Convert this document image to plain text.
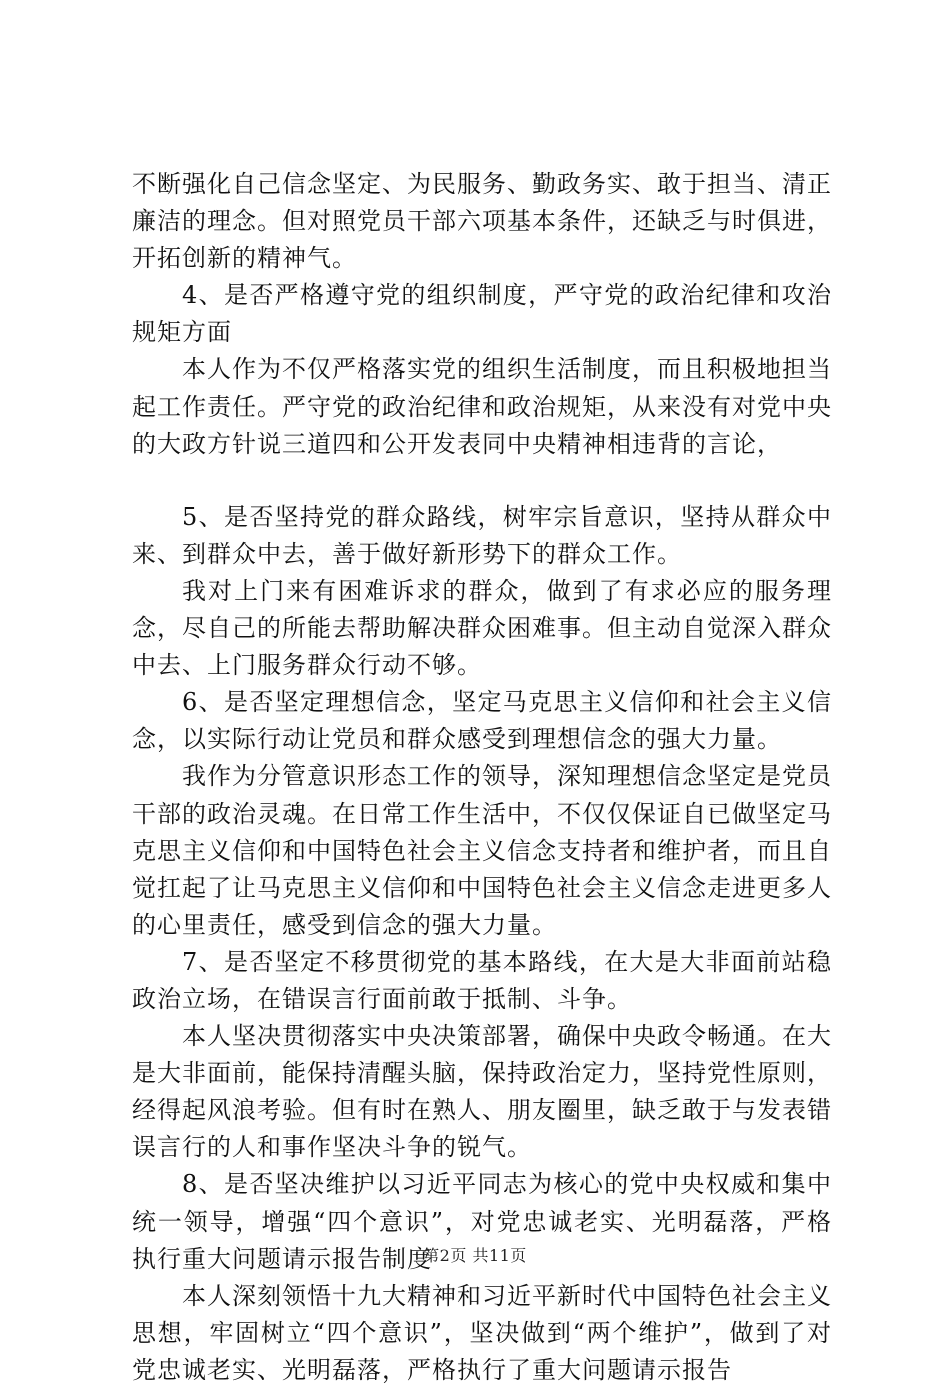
不断强化自己信念坚定、为民服务、勤政务实、敢于担当、清正廉洁的理念。但对照党员干部六项基本条件，还缺乏与时俱进，开拓创新的精神气。

4、是否严格遵守党的组织制度，严守党的政治纪律和攻治规矩方面

本人作为不仅严格落实党的组织生活制度，而且积极地担当起工作责任。严守党的政治纪律和政治规矩，从来没有对党中央的大政方针说三道四和公开发表同中央精神相违背的言论，

5、是否坚持党的群众路线，树牢宗旨意识，坚持从群众中来、到群众中去，善于做好新形势下的群众工作。

我对上门来有困难诉求的群众，做到了有求必应的服务理念，尽自己的所能去帮助解决群众困难事。但主动自觉深入群众中去、上门服务群众行动不够。

6、是否坚定理想信念，坚定马克思主义信仰和社会主义信念，以实际行动让党员和群众感受到理想信念的强大力量。

我作为分管意识形态工作的领导，深知理想信念坚定是党员干部的政治灵魂。在日常工作生活中，不仅仅保证自已做坚定马克思主义信仰和中国特色社会主义信念支持者和维护者，而且自觉扛起了让马克思主义信仰和中国特色社会主义信念走进更多人的心里责任，感受到信念的强大力量。

7、是否坚定不移贯彻党的基本路线，在大是大非面前站稳政治立场，在错误言行面前敢于抵制、斗争。

本人坚决贯彻落实中央决策部署，确保中央政令畅通。在大是大非面前，能保持清醒头脑，保持政治定力，坚持党性原则，经得起风浪考验。但有时在熟人、朋友圈里，缺乏敢于与发表错误言行的人和事作坚决斗争的锐气。

8、是否坚决维护以习近平同志为核心的党中央权威和集中统一领导，增强“四个意识”，对党忠诚老实、光明磊落，严格执行重大问题请示报告制度

本人深刻领悟十九大精神和习近平新时代中国特色社会主义思想，牢固树立“四个意识”，坚决做到“两个维护”，做到了对党忠诚老实、光明磊落，严格执行了重大问题请示报告

第2页 共11页
